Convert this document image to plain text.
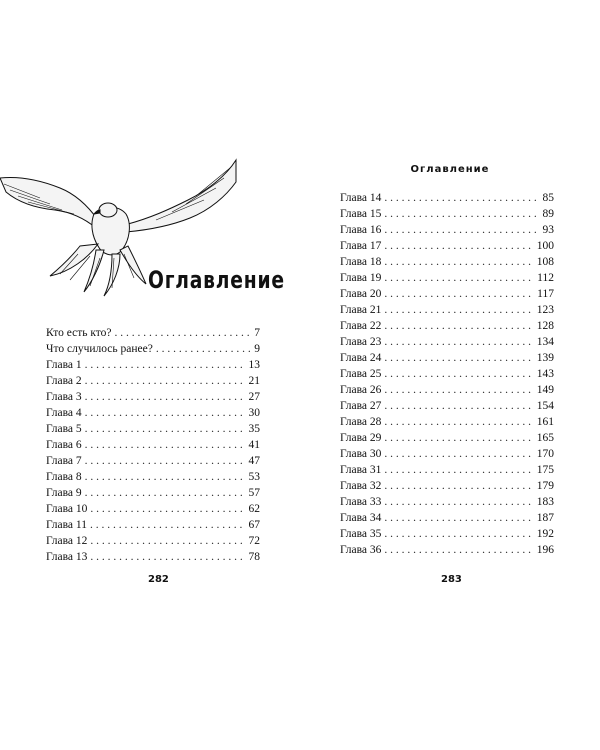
Оглавление
Кто есть кто? . . .	7
Что случилось ранее? . . .	9
Глава 1 . . .	13
Глава 2 . . .	21
Глава 3 . . .	27
Глава 4 . . .	30
Глава 5 . . .	35
Глава 6 . . .	41
Глава 7 . . .	47
Глава 8 . . .	53
Глава 9 . . .	57
Глава 10 . . .	62
Глава 11 . . .	67
Глава 12 . . .	72
Глава 13 . . .	78
282
Оглавление
Глава 14 . . .	85
Глава 15 . . .	89
Глава 16 . . .	93
Глава 17 . . .	100
Глава 18 . . .	108
Глава 19 . . .	112
Глава 20 . . .	117
Глава 21 . . .	123
Глава 22 . . .	128
Глава 23 . . .	134
Глава 24 . . .	139
Глава 25 . . .	143
Глава 26 . . .	149
Глава 27 . . .	154
Глава 28 . . .	161
Глава 29 . . .	165
Глава 30 . . .	170
Глава 31 . . .	175
Глава 32 . . .	179
Глава 33 . . .	183
Глава 34 . . .	187
Глава 35 . . .	192
Глава 36 . . .	196
283
